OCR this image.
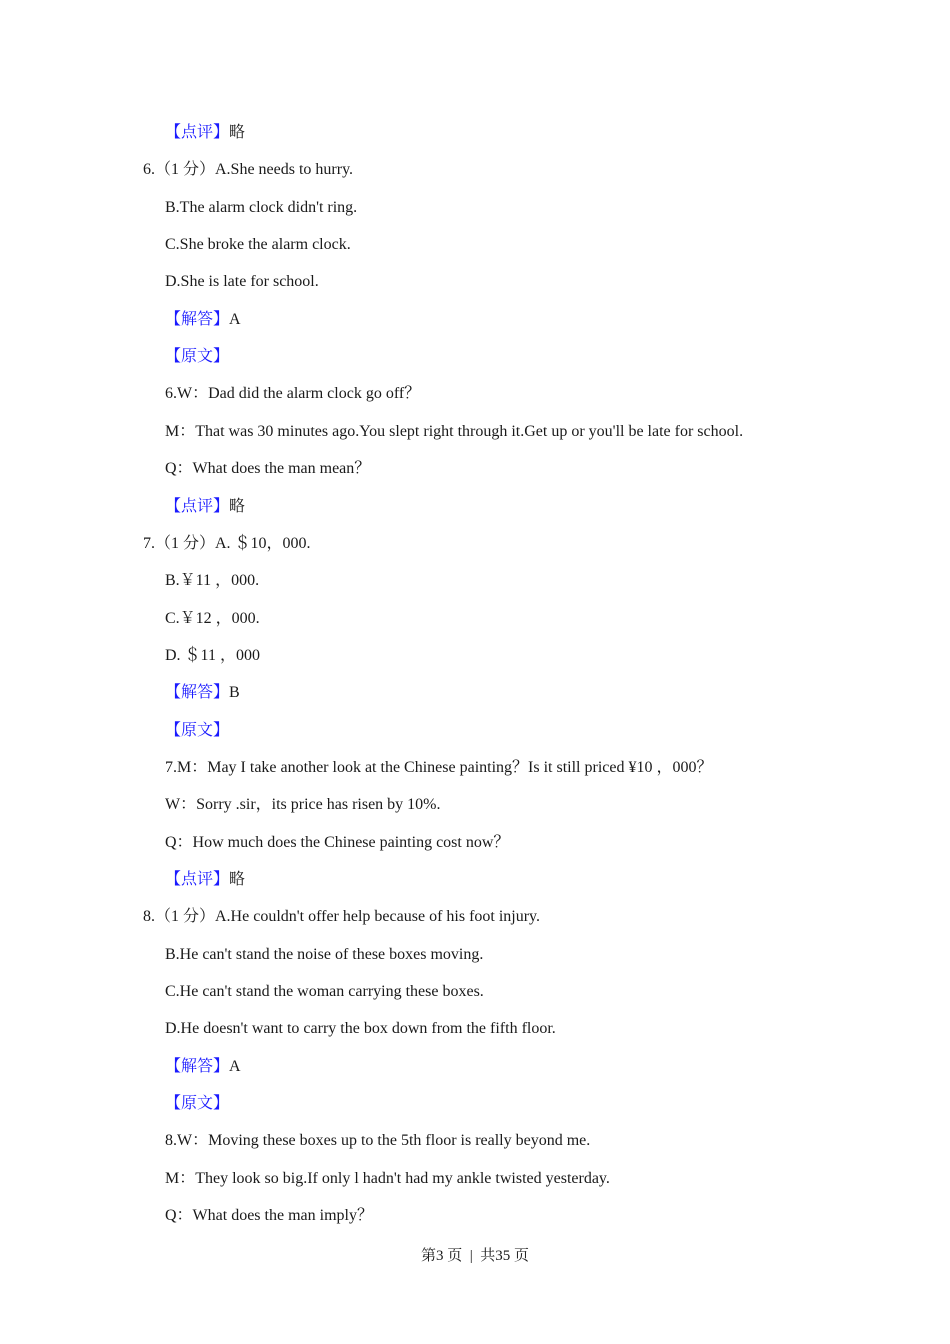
【点评】略
6.（1 分）A.She needs to hurry.
B.The alarm clock didn't ring.
C.She broke the alarm clock.
D.She is late for school.
【解答】A
【原文】
6.W：Dad did the alarm clock go off？
M：That was 30 minutes ago.You slept right through it.Get up or you'll be late for school.
Q：What does the man mean？
【点评】略
7.（1 分）A. ＄10，000.
B.￥11 ，000.
C.￥12 ，000.
D. ＄11 ，000
【解答】B
【原文】
7.M：May I take another look at the Chinese painting？Is it still priced ¥10 ，000？
W：Sorry .sir，its price has risen by 10%.
Q：How much does the Chinese painting cost now？
【点评】略
8.（1 分）A.He couldn't offer help because of his foot injury.
B.He can't stand the noise of these boxes moving.
C.He can't stand the woman carrying these boxes.
D.He doesn't want to carry the box down from the fifth floor.
【解答】A
【原文】
8.W：Moving these boxes up to the 5th floor is really beyond me.
M：They look so big.If only l hadn't had my ankle twisted yesterday.
Q：What does the man imply？
第3 页  |  共35 页
